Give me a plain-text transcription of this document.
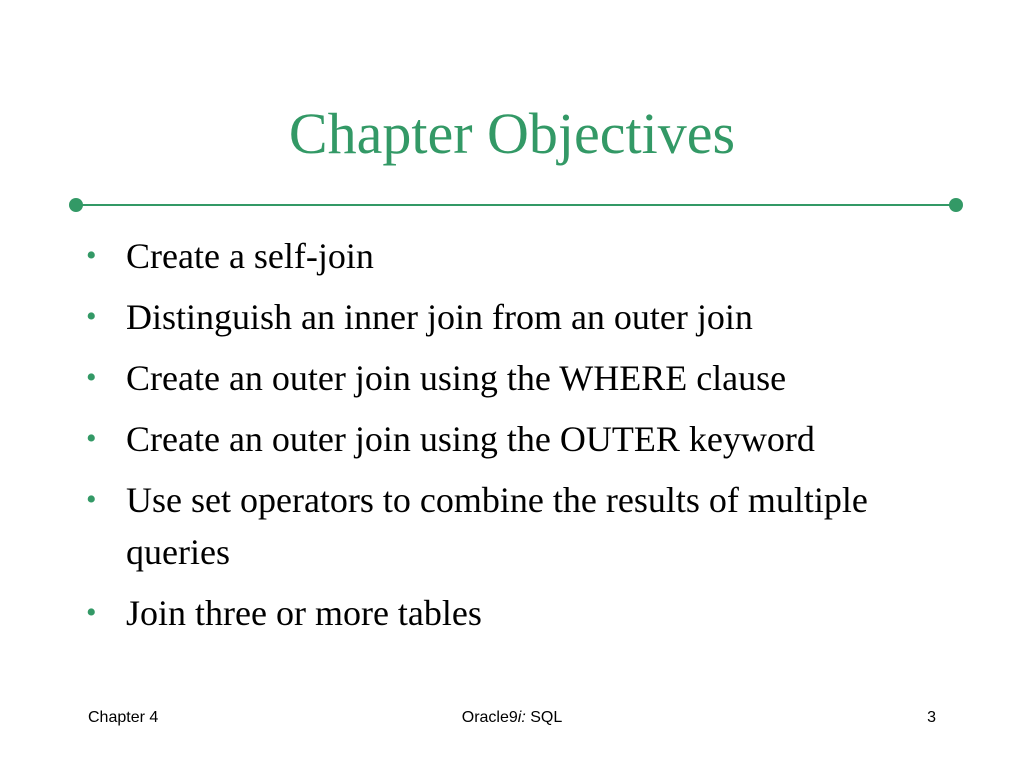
Chapter Objectives
• Create a self-join
• Distinguish an inner join from an outer join
• Create an outer join using the WHERE clause
• Create an outer join using the OUTER keyword
• Use set operators to combine the results of multiple queries
• Join three or more tables
Chapter 4	Oracle9i: SQL	3
